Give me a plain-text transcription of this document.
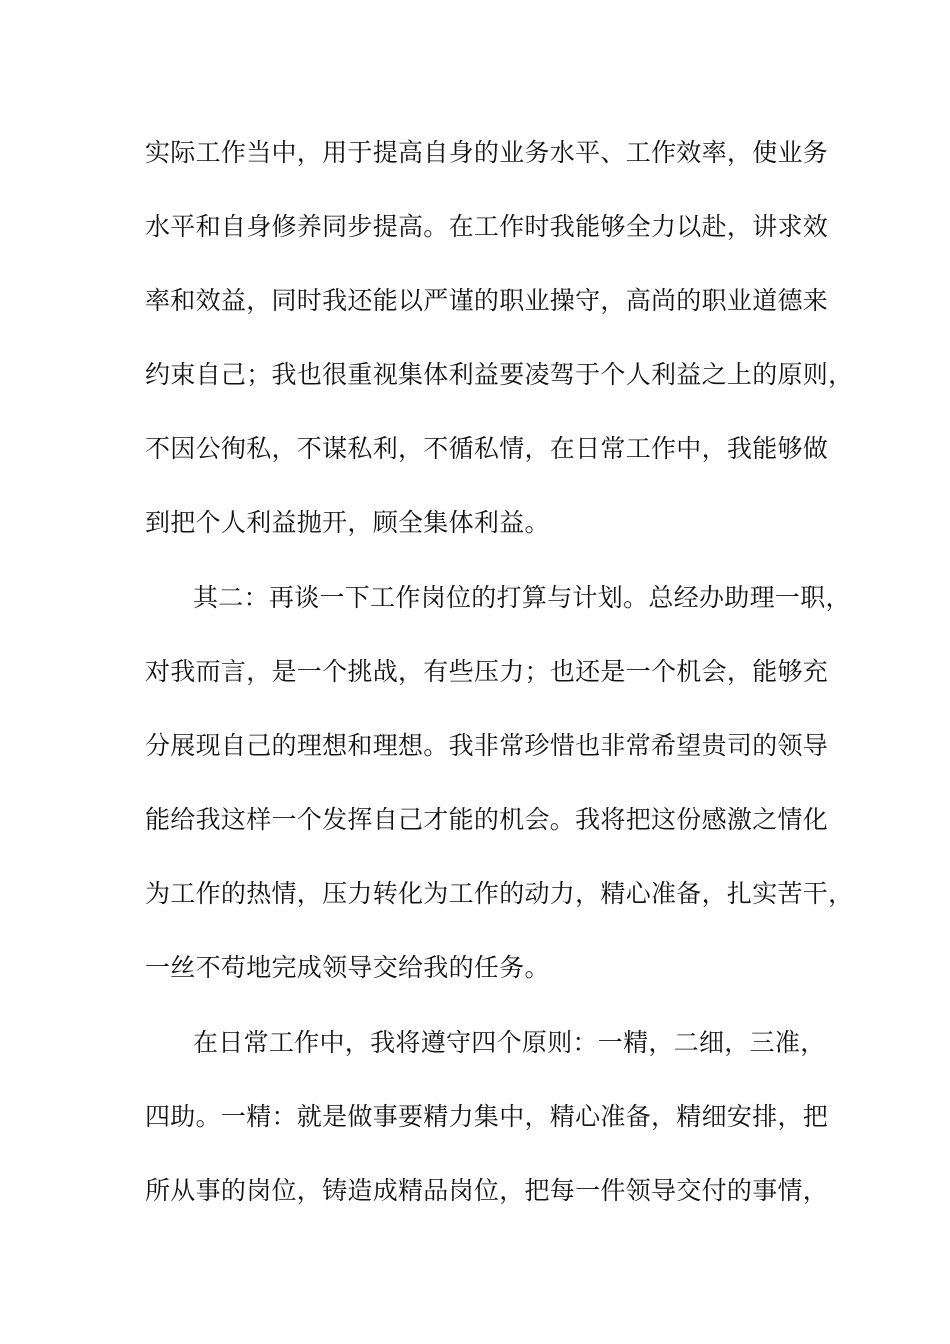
实际工作当中，用于提高自身的业务水平、工作效率，使业务

水平和自身修养同步提高。在工作时我能够全力以赴，讲求效

率和效益，同时我还能以严谨的职业操守，高尚的职业道德来

约束自己；我也很重视集体利益要凌驾于个人利益之上的原则，

不因公徇私，不谋私利，不循私情，在日常工作中，我能够做

到把个人利益抛开，顾全集体利益。

其二：再谈一下工作岗位的打算与计划。总经办助理一职，

对我而言，是一个挑战，有些压力；也还是一个机会，能够充

分展现自己的理想和理想。我非常珍惜也非常希望贵司的领导

能给我这样一个发挥自己才能的机会。我将把这份感激之情化

为工作的热情，压力转化为工作的动力，精心准备，扎实苦干，

一丝不苟地完成领导交给我的任务。

在日常工作中，我将遵守四个原则：一精，二细，三准，

四助。一精：就是做事要精力集中，精心准备，精细安排，把

所从事的岗位，铸造成精品岗位，把每一件领导交付的事情，
